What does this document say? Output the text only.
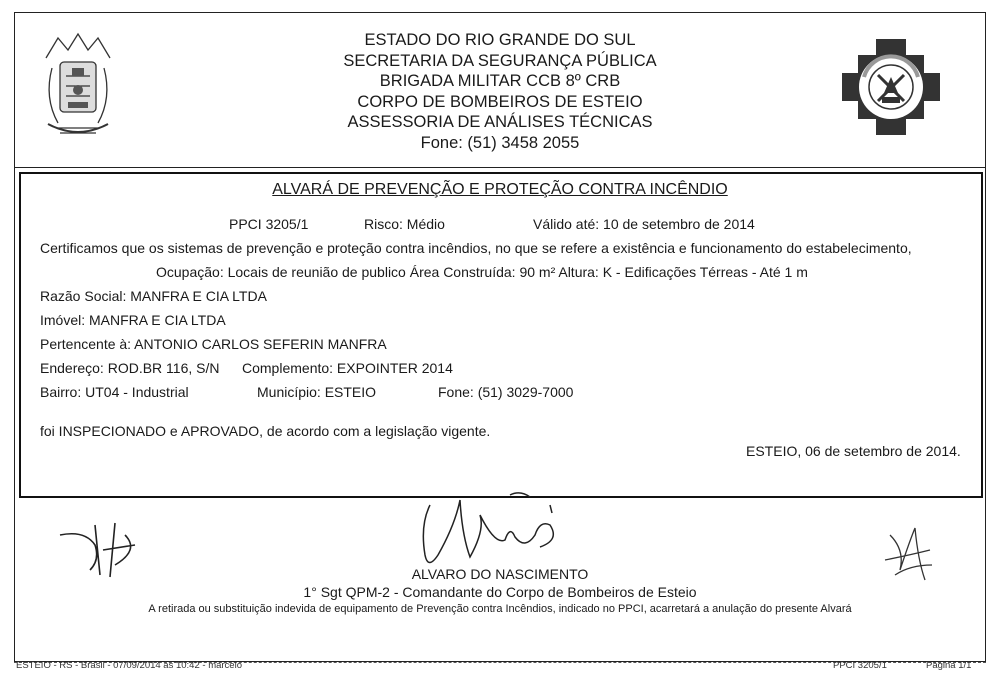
ESTADO DO RIO GRANDE DO SUL
SECRETARIA DA SEGURANÇA PÚBLICA
BRIGADA MILITAR CCB 8º CRB
CORPO DE BOMBEIROS DE ESTEIO
ASSESSORIA DE ANÁLISES TÉCNICAS
Fone: (51) 3458 2055
ALVARÁ DE PREVENÇÃO E PROTEÇÃO CONTRA INCÊNDIO
PPCI 3205/1	Risco: Médio	Válido até: 10 de setembro de 2014
Certificamos que os sistemas de prevenção e proteção contra incêndios, no que se refere a existência e funcionamento do estabelecimento,
Ocupação: Locais de reunião de publico Área Construída: 90 m² Altura: K - Edificações Térreas - Até 1 m
Razão Social: MANFRA E CIA LTDA
Imóvel: MANFRA E CIA LTDA
Pertencente à: ANTONIO CARLOS SEFERIN MANFRA
Endereço: ROD.BR 116, S/N Complemento: EXPOINTER 2014
Bairro: UT04 - Industrial	Município: ESTEIO	Fone: (51) 3029-7000
foi INSPECIONADO e APROVADO, de acordo com a legislação vigente.
ESTEIO, 06 de setembro de 2014.
ALVARO DO NASCIMENTO
1° Sgt QPM-2 - Comandante do Corpo de Bombeiros de Esteio
A retirada ou substituição indevida de equipamento de Prevenção contra Incêndios, indicado no PPCI, acarretará a anulação do presente Alvará
ESTEIO - RS - Brasil - 07/09/2014 às 10:42 - marcelo	PPCI 3205/1	Página 1/1
